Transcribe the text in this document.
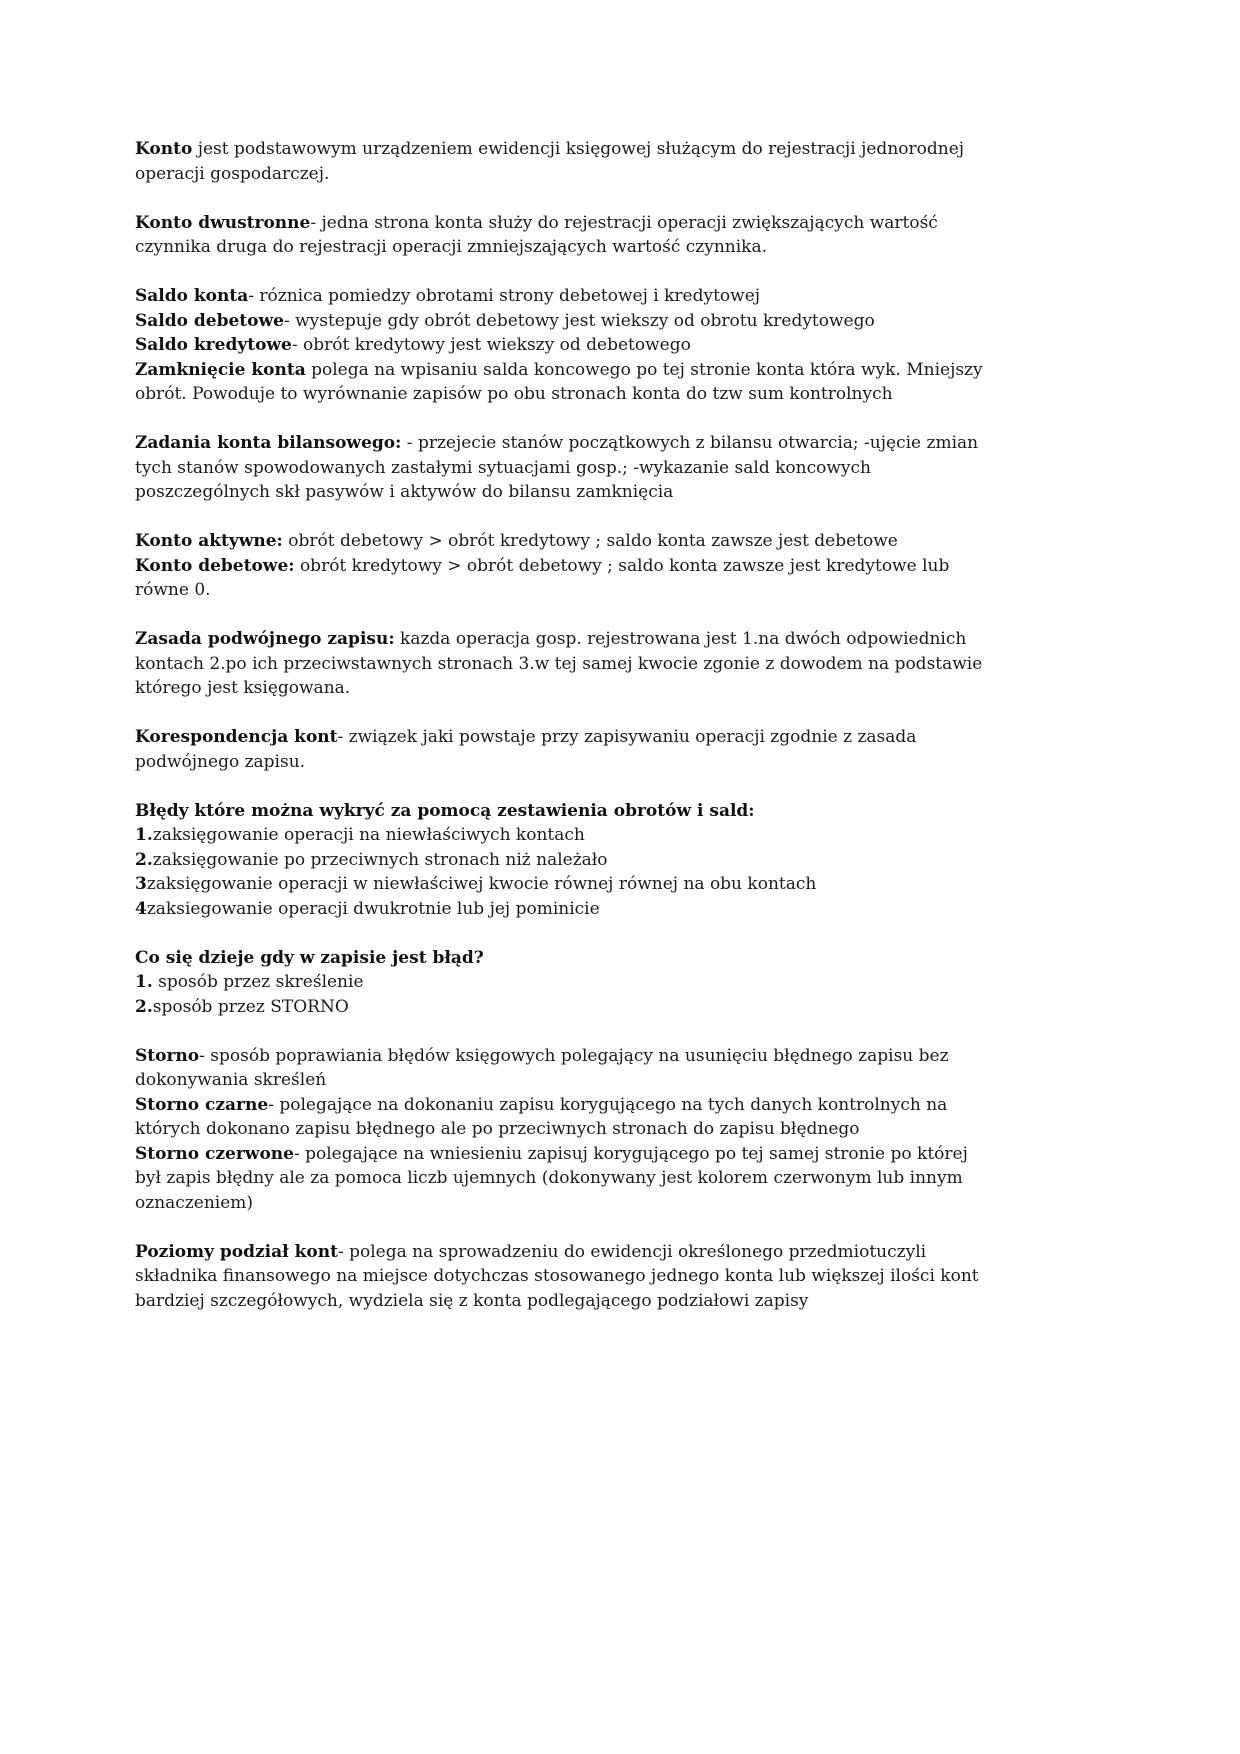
Konto jest podstawowym urządzeniem ewidencji księgowej służącym do rejestracji jednorodnej operacji gospodarczej.

Konto dwustronne- jedna strona konta służy do rejestracji operacji zwiększających wartość czynnika druga do rejestracji operacji zmniejszających wartość czynnika.

Saldo konta- róznica pomiedzy obrotami strony debetowej i kredytowej
Saldo debetowe- wystepuje gdy obrót debetowy jest wiekszy od obrotu kredytowego
Saldo kredytowe- obrót kredytowy jest wiekszy od debetowego
Zamknięcie konta polega na wpisaniu salda koncowego po tej stronie konta która wyk. Mniejszy obrót. Powoduje to wyrównanie zapisów po obu stronach konta do tzw sum kontrolnych

Zadania konta bilansowego: - przejecie stanów początkowych z bilansu otwarcia; -ujęcie zmian tych stanów spowodowanych zastałymi sytuacjami gosp.; -wykazanie sald koncowych poszczególnych skł pasywów i aktywów do bilansu zamknięcia

Konto aktywne: obrót debetowy > obrót kredytowy ; saldo konta zawsze jest debetowe
Konto debetowe: obrót kredytowy > obrót debetowy ; saldo konta zawsze jest kredytowe lub równe 0.

Zasada podwójnego zapisu: kazda operacja gosp. rejestrowana jest 1.na dwóch odpowiednich kontach 2.po ich przeciwstawnych stronach 3.w tej samej kwocie zgonie z dowodem na podstawie którego jest księgowana.

Korespondencja kont- związek jaki powstaje przy zapisywaniu operacji zgodnie z zasada podwójnego zapisu.

Błędy które można wykryć za pomocą zestawienia obrotów i sald:
1.zaksięgowanie operacji na niewłaściwych kontach
2.zaksięgowanie po przeciwnych stronach niż należało
3zaksięgowanie operacji w niewłaściwej kwocie równej równej na obu kontach
4zaksiegowanie operacji dwukrotnie lub jej pominicie

Co się dzieje gdy w zapisie jest błąd?
1. sposób przez skreślenie
2.sposób przez STORNO

Storno- sposób poprawiania błędów księgowych polegający na usunięciu błędnego zapisu bez dokonywania skreśleń
Storno czarne- polegające na dokonaniu zapisu korygującego na tych danych kontrolnych na których dokonano zapisu błędnego ale po przeciwnych stronach do zapisu błędnego
Storno czerwone- polegające na wniesieniu zapisuj korygującego po tej samej stronie po której był zapis błędny ale za pomoca liczb ujemnych (dokonywany jest kolorem czerwonym lub innym oznaczeniem)

Poziomy podział kont- polega na sprowadzeniu do ewidencji określonego przedmiotuczyli składnika finansowego na miejsce dotychczas stosowanego jednego konta lub większej ilości kont bardziej szczegółowych, wydziela się z konta podlegającego podziałowi zapisy
